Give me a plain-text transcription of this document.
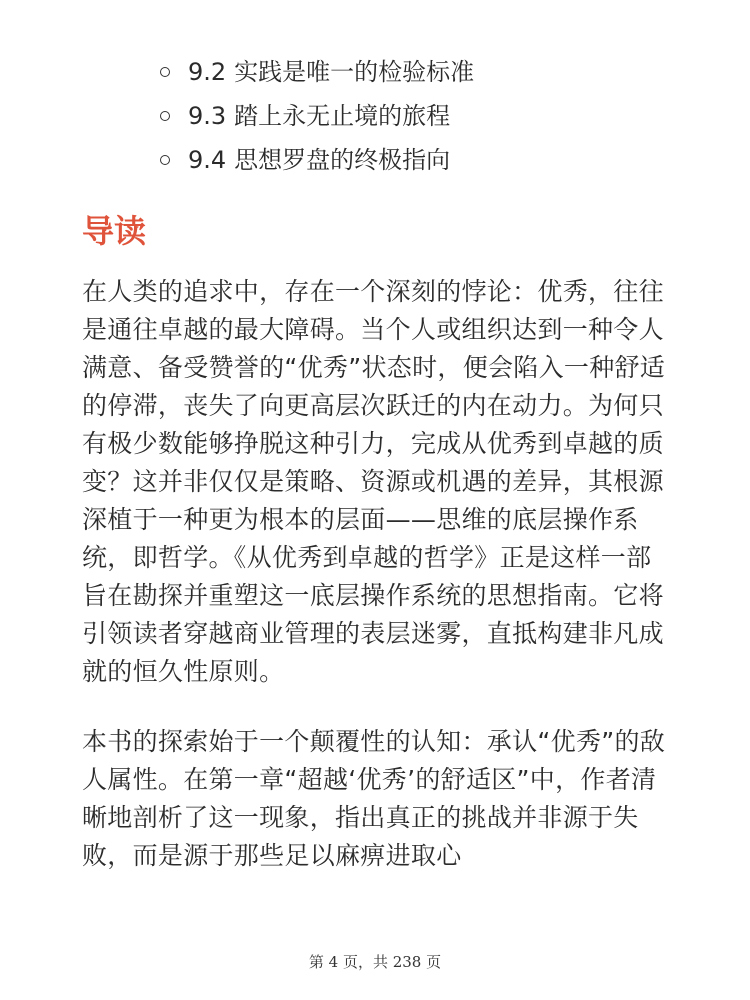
9.2 实践是唯一的检验标准
9.3 踏上永无止境的旅程
9.4 思想罗盘的终极指向
导读

在人类的追求中，存在一个深刻的悖论：优秀，往往是通往卓越的最大障碍。当个人或组织达到一种令人满意、备受赞誉的“优秀”状态时，便会陷入一种舒适的停滞，丧失了向更高层次跃迁的内在动力。为何只有极少数能够挣脱这种引力，完成从优秀到卓越的质变？这并非仅仅是策略、资源或机遇的差异，其根源深植于一种更为根本的层面——思维的底层操作系统，即哲学。《从优秀到卓越的哲学》正是这样一部旨在勘探并重塑这一底层操作系统的思想指南。它将引领读者穿越商业管理的表层迷雾，直抵构建非凡成就的恒久性原则。

本书的探索始于一个颠覆性的认知：承认“优秀”的敌人属性。在第一章“超越‘优秀’的舒适区”中，作者清晰地剖析了这一现象，指出真正的挑战并非源于失败，而是源于那些足以麻痹进取心

第 4 页，共 238 页
